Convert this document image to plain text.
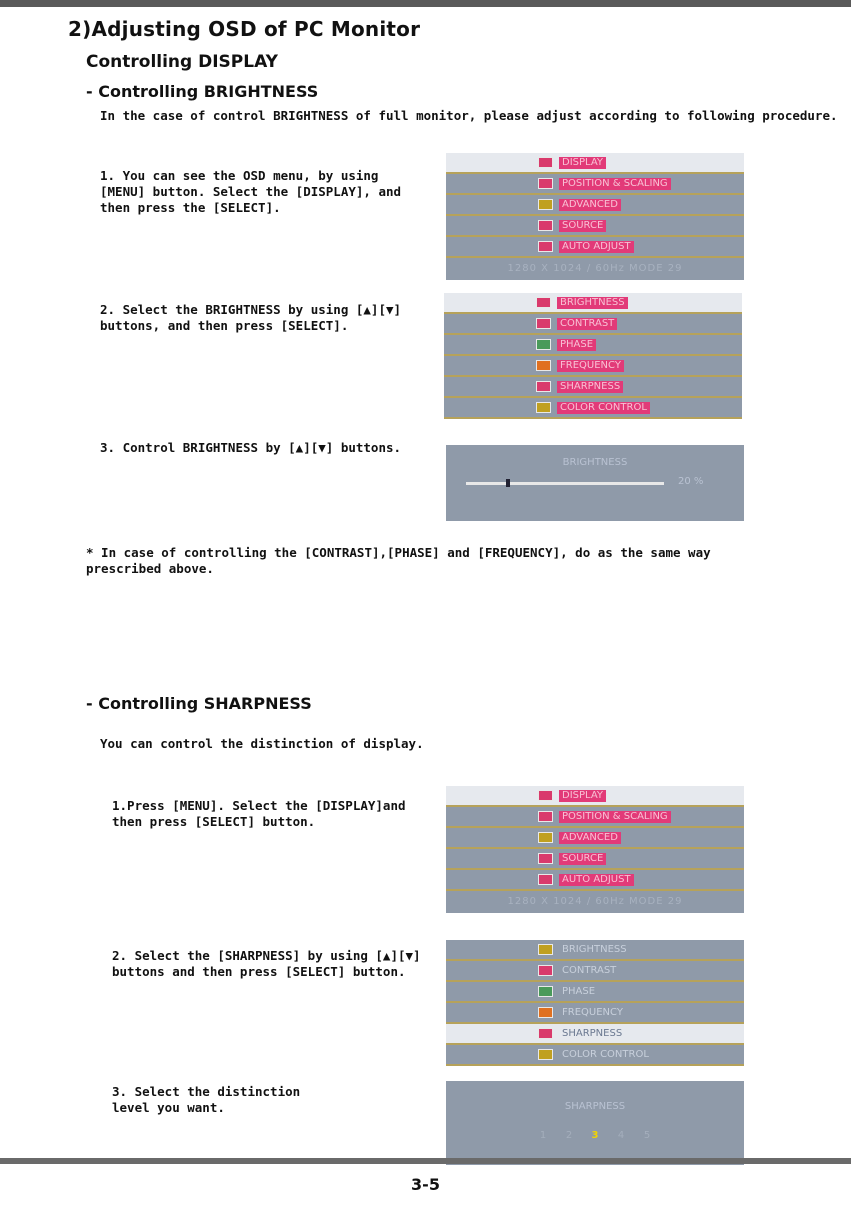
2)Adjusting OSD of PC Monitor
Controlling DISPLAY
- Controlling BRIGHTNESS
In the case of control BRIGHTNESS of full monitor, please adjust according to following procedure.
1. You can see the OSD menu, by using [MENU] button. Select the [DISPLAY], and then press the [SELECT].
2. Select the BRIGHTNESS by using [▲][▼] buttons, and then press [SELECT].
3. Control BRIGHTNESS by [▲][▼] buttons.
DISPLAY
POSITION & SCALING
ADVANCED
SOURCE
AUTO ADJUST
1280 X 1024 / 60Hz MODE 29
BRIGHTNESS
CONTRAST
PHASE
FREQUENCY
SHARPNESS
COLOR CONTROL
BRIGHTNESS
20 %
* In case of controlling the [CONTRAST],[PHASE] and [FREQUENCY], do as the same way prescribed above.
- Controlling SHARPNESS
You can control the distinction of display.
1.Press [MENU]. Select the [DISPLAY]and then press [SELECT] button.
2. Select the [SHARPNESS] by using [▲][▼] buttons and then press [SELECT] button.
3. Select the distinction level you want.
DISPLAY
POSITION & SCALING
ADVANCED
SOURCE
AUTO ADJUST
1280 X 1024 / 60Hz MODE 29
BRIGHTNESS
CONTRAST
PHASE
FREQUENCY
SHARPNESS
COLOR CONTROL
SHARPNESS
1 2 3 4 5
3-5
